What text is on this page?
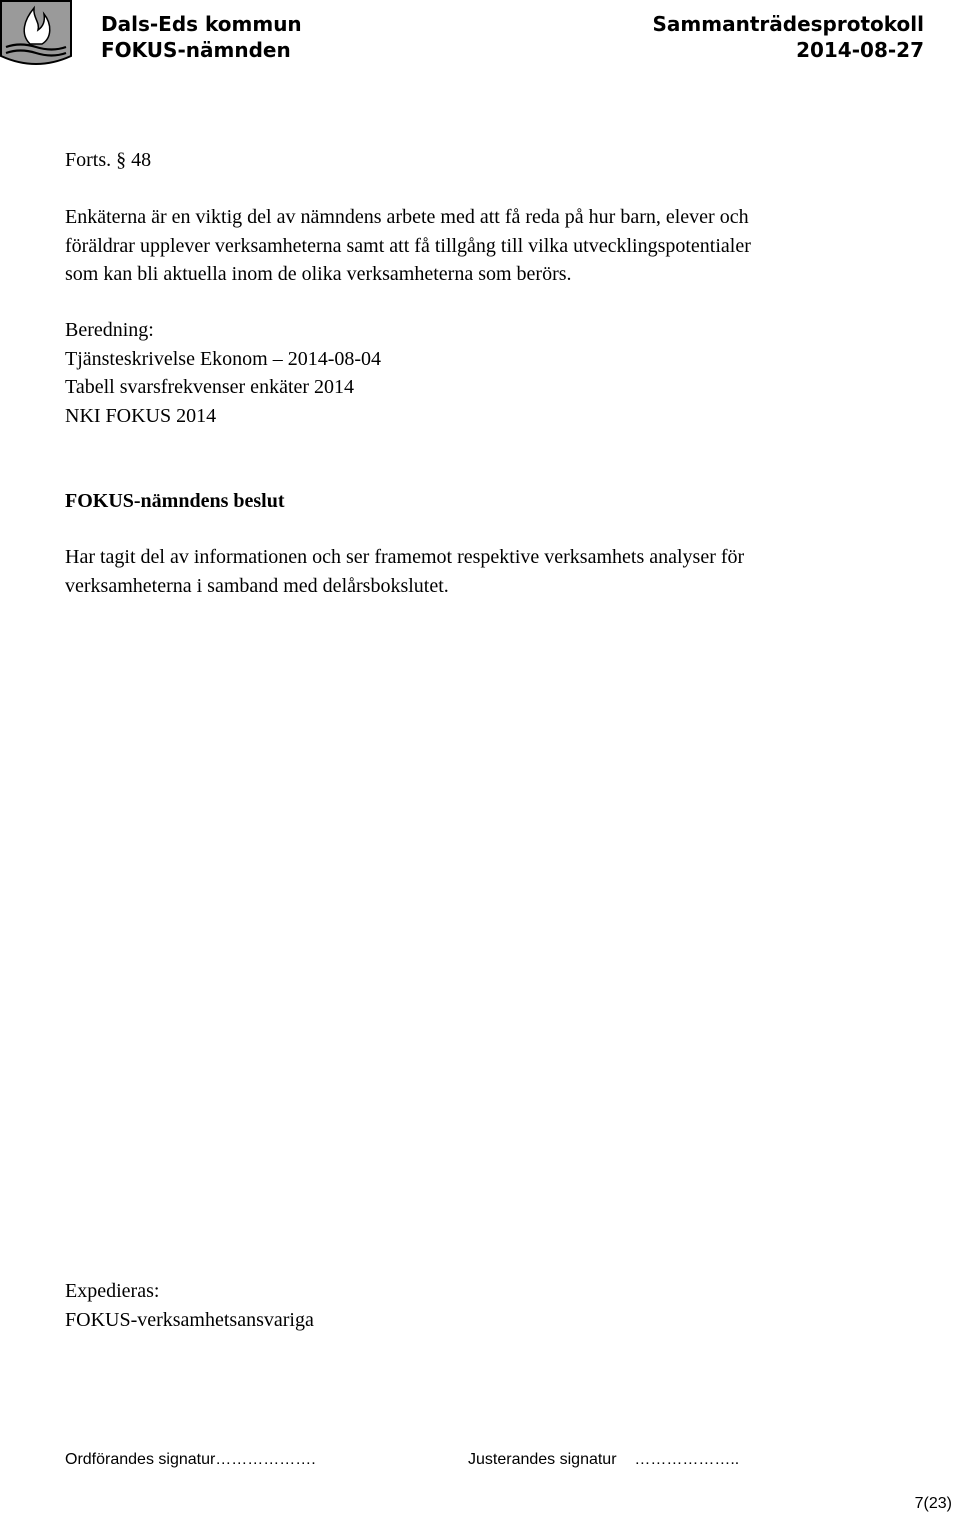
Dals-Eds kommun
FOKUS-nämnden
Sammanträdesprotokoll
2014-08-27
Forts. § 48
Enkäterna är en viktig del av nämndens arbete med att få reda på hur barn, elever och
föräldrar upplever verksamheterna samt att få tillgång till vilka utvecklingspotentialer
som kan bli aktuella inom de olika verksamheterna som berörs.
Beredning:
Tjänsteskrivelse Ekonom – 2014-08-04
Tabell svarsfrekvenser enkäter 2014
NKI FOKUS 2014
FOKUS-nämndens beslut
Har tagit del av informationen och ser framemot respektive verksamhets analyser för
verksamheterna i samband med delårsbokslutet.
Expedieras:
FOKUS-verksamhetsansvariga
Ordförandes signatur……………….	Justerandes signatur    ………………..
7(23)
